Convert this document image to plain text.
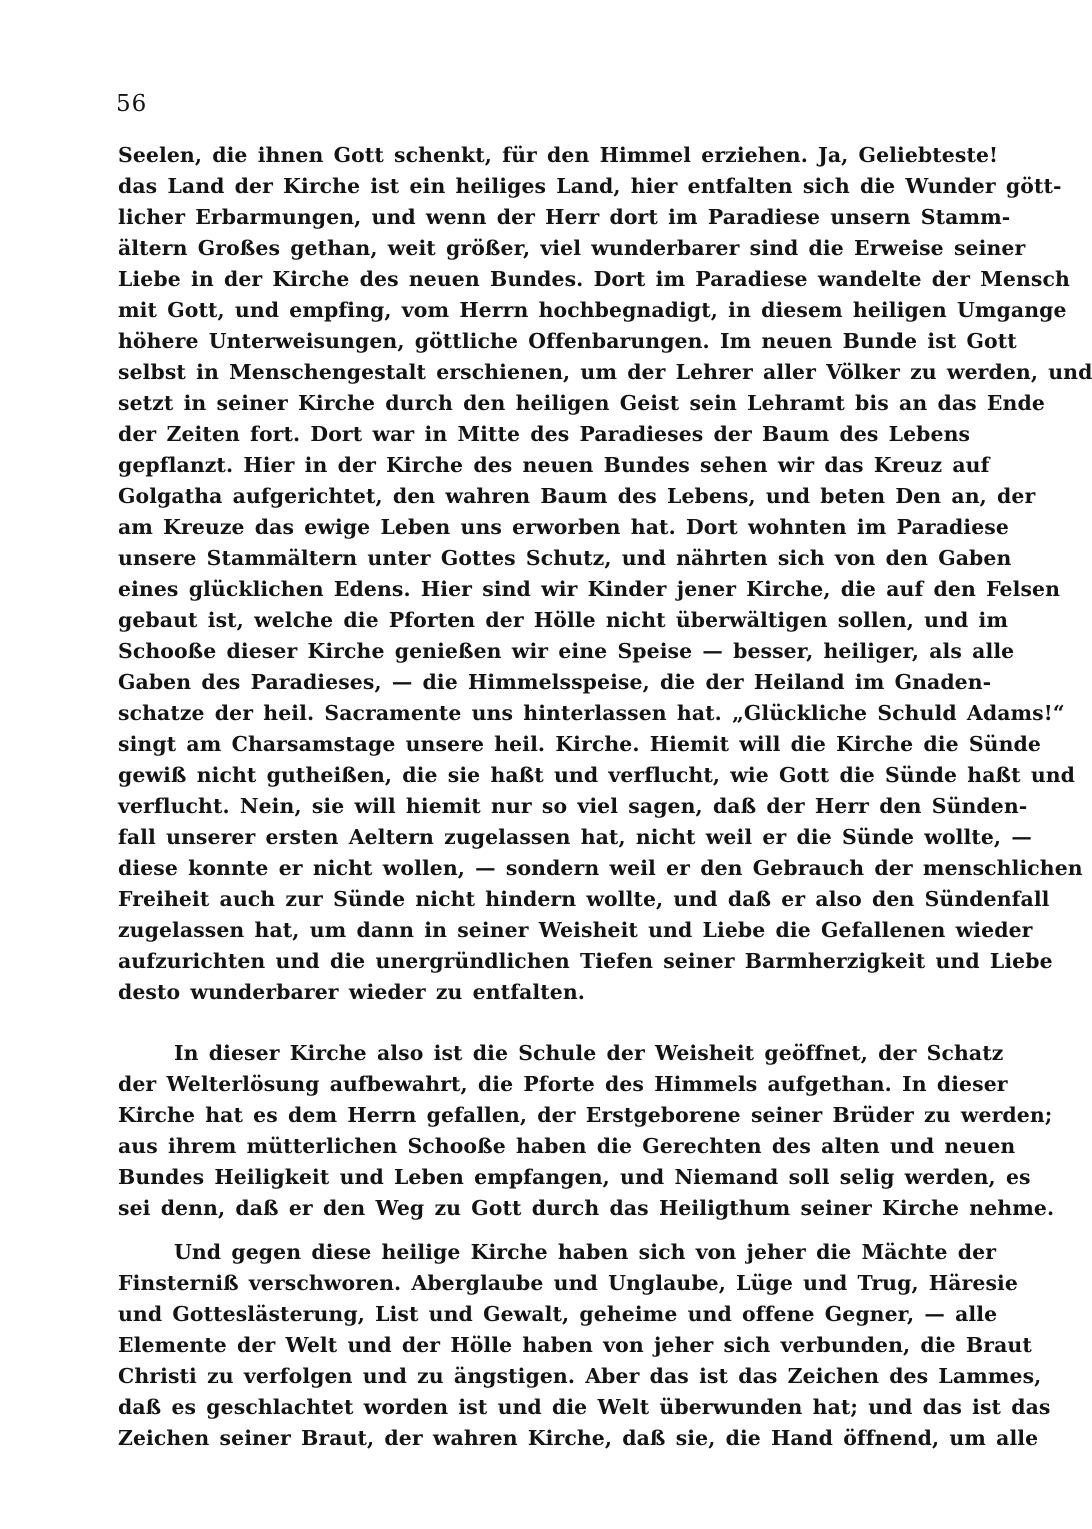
56
Seelen, die ihnen Gott schenkt, für den Himmel erziehen. Ja, Geliebteste!
das Land der Kirche ist ein heiliges Land, hier entfalten sich die Wunder gött-
licher Erbarmungen, und wenn der Herr dort im Paradiese unsern Stamm-
ältern Großes gethan, weit größer, viel wunderbarer sind die Erweise seiner
Liebe in der Kirche des neuen Bundes. Dort im Paradiese wandelte der Mensch
mit Gott, und empfing, vom Herrn hochbegnadigt, in diesem heiligen Umgange
höhere Unterweisungen, göttliche Offenbarungen. Im neuen Bunde ist Gott
selbst in Menschengestalt erschienen, um der Lehrer aller Völker zu werden, und
setzt in seiner Kirche durch den heiligen Geist sein Lehramt bis an das Ende
der Zeiten fort. Dort war in Mitte des Paradieses der Baum des Lebens
gepflanzt. Hier in der Kirche des neuen Bundes sehen wir das Kreuz auf
Golgatha aufgerichtet, den wahren Baum des Lebens, und beten Den an, der
am Kreuze das ewige Leben uns erworben hat. Dort wohnten im Paradiese
unsere Stammältern unter Gottes Schutz, und nährten sich von den Gaben
eines glücklichen Edens. Hier sind wir Kinder jener Kirche, die auf den Felsen
gebaut ist, welche die Pforten der Hölle nicht überwältigen sollen, und im
Schooße dieser Kirche genießen wir eine Speise — besser, heiliger, als alle
Gaben des Paradieses, — die Himmelsspeise, die der Heiland im Gnaden-
schatze der heil. Sacramente uns hinterlassen hat. „Glückliche Schuld Adams!“
singt am Charsamstage unsere heil. Kirche. Hiemit will die Kirche die Sünde
gewiß nicht gutheißen, die sie haßt und verflucht, wie Gott die Sünde haßt und
verflucht. Nein, sie will hiemit nur so viel sagen, daß der Herr den Sünden-
fall unserer ersten Aeltern zugelassen hat, nicht weil er die Sünde wollte, —
diese konnte er nicht wollen, — sondern weil er den Gebrauch der menschlichen
Freiheit auch zur Sünde nicht hindern wollte, und daß er also den Sündenfall
zugelassen hat, um dann in seiner Weisheit und Liebe die Gefallenen wieder
aufzurichten und die unergründlichen Tiefen seiner Barmherzigkeit und Liebe
desto wunderbarer wieder zu entfalten.
In dieser Kirche also ist die Schule der Weisheit geöffnet, der Schatz
der Welterlösung aufbewahrt, die Pforte des Himmels aufgethan. In dieser
Kirche hat es dem Herrn gefallen, der Erstgeborene seiner Brüder zu werden;
aus ihrem mütterlichen Schooße haben die Gerechten des alten und neuen
Bundes Heiligkeit und Leben empfangen, und Niemand soll selig werden, es
sei denn, daß er den Weg zu Gott durch das Heiligthum seiner Kirche nehme.
Und gegen diese heilige Kirche haben sich von jeher die Mächte der
Finsterniß verschworen. Aberglaube und Unglaube, Lüge und Trug, Häresie
und Gotteslästerung, List und Gewalt, geheime und offene Gegner, — alle
Elemente der Welt und der Hölle haben von jeher sich verbunden, die Braut
Christi zu verfolgen und zu ängstigen. Aber das ist das Zeichen des Lammes,
daß es geschlachtet worden ist und die Welt überwunden hat; und das ist das
Zeichen seiner Braut, der wahren Kirche, daß sie, die Hand öffnend, um alle
